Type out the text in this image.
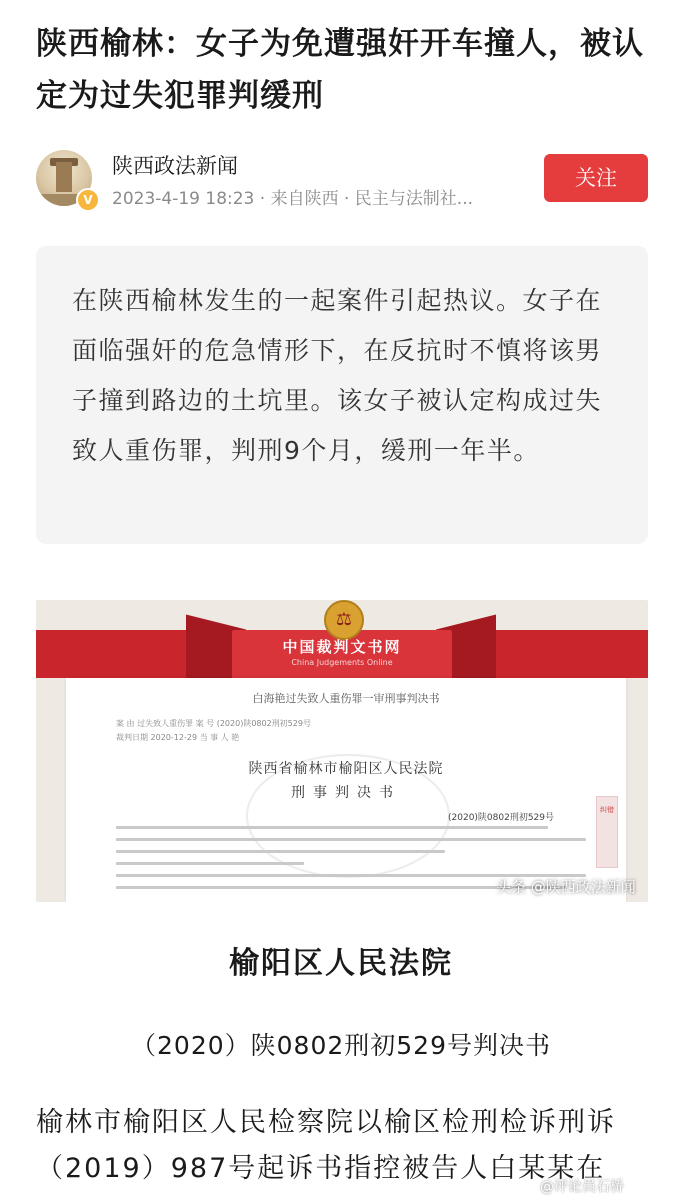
陕西榆林：女子为免遭强奸开车撞人，被认定为过失犯罪判缓刑
V
陕西政法新闻
2023-4-19 18:23 · 来自陕西 · 民主与法制社...
关注
在陕西榆林发生的一起案件引起热议。女子在面临强奸的危急情形下，在反抗时不慎将该男子撞到路边的土坑里。该女子被认定构成过失致人重伤罪，判刑9个月，缓刑一年半。
⚖
中国裁判文书网
China Judgements Online
白海艳过失致人重伤罪一审刑事判决书
案 由 过失致人重伤罪 案 号 (2020)陕0802刑初529号
裁判日期 2020-12-29 当 事 人 艳
陕西省榆林市榆阳区人民法院
刑事判决书
(2020)陕0802刑初529号
纠错
头条 @陕西政法新闻
榆阳区人民法院
（2020）陕0802刑初529号判决书
榆林市榆阳区人民检察院以榆区检刑检诉刑诉
（2019）987号起诉书指控被告人白某某在
@评论员石桥
